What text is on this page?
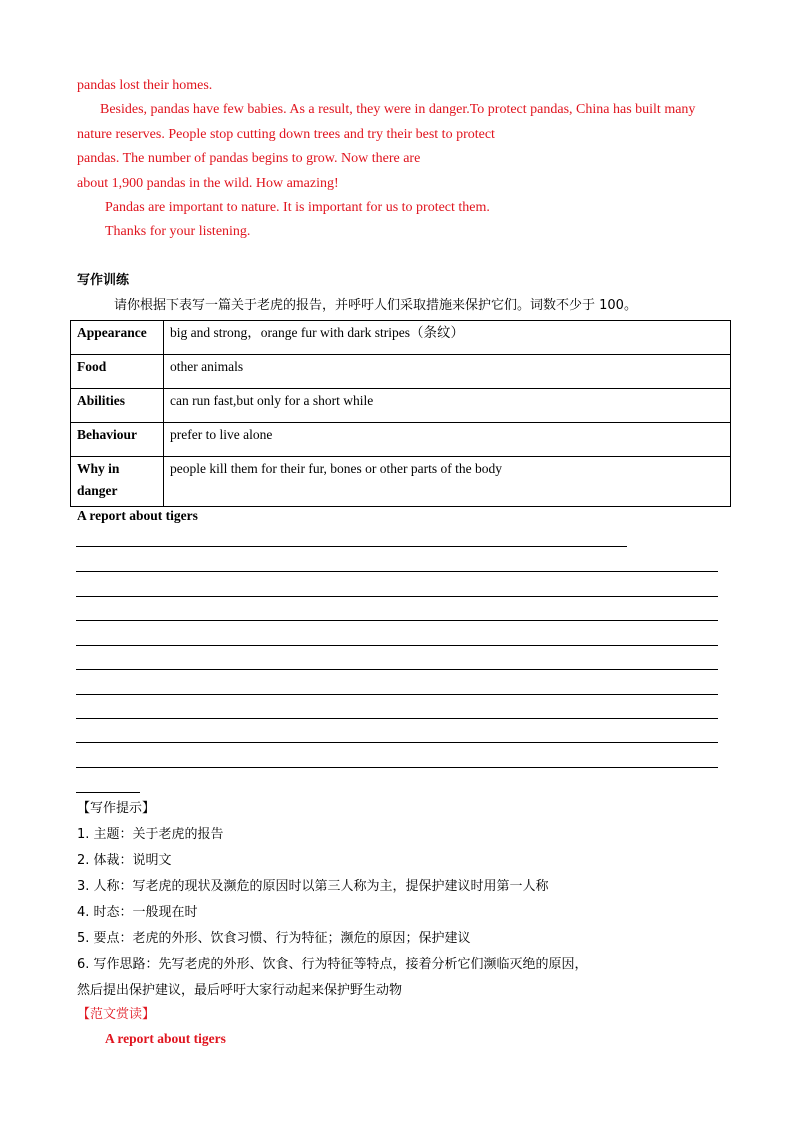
pandas lost their homes.
Besides, pandas have few babies. As a result, they were in danger.To protect pandas, China has built many
nature reserves. People stop cutting down trees and try their best to protect
pandas. The number of pandas begins to grow. Now there are
about 1,900 pandas in the wild. How amazing!
Pandas are important to nature. It is important for us to protect them.
Thanks for your listening.
写作训练
请你根据下表写一篇关于老虎的报告，并呼吁人们采取措施来保护它们。词数不少于 100。
Appearance	big and strong，orange fur with dark stripes（条纹）
Food	other animals
Abilities	can run fast,but only for a short while
Behaviour	prefer to live alone
Why in
danger	people kill them for their fur, bones or other parts of the body
A report about tigers
【写作提示】
1. 主题：关于老虎的报告
2. 体裁：说明文
3. 人称：写老虎的现状及濒危的原因时以第三人称为主，提保护建议时用第一人称
4. 时态：一般现在时
5. 要点：老虎的外形、饮食习惯、行为特征；濒危的原因；保护建议
6. 写作思路：先写老虎的外形、饮食、行为特征等特点，接着分析它们濒临灭绝的原因，
然后提出保护建议，最后呼吁大家行动起来保护野生动物
【范文赏读】
A report about tigers
